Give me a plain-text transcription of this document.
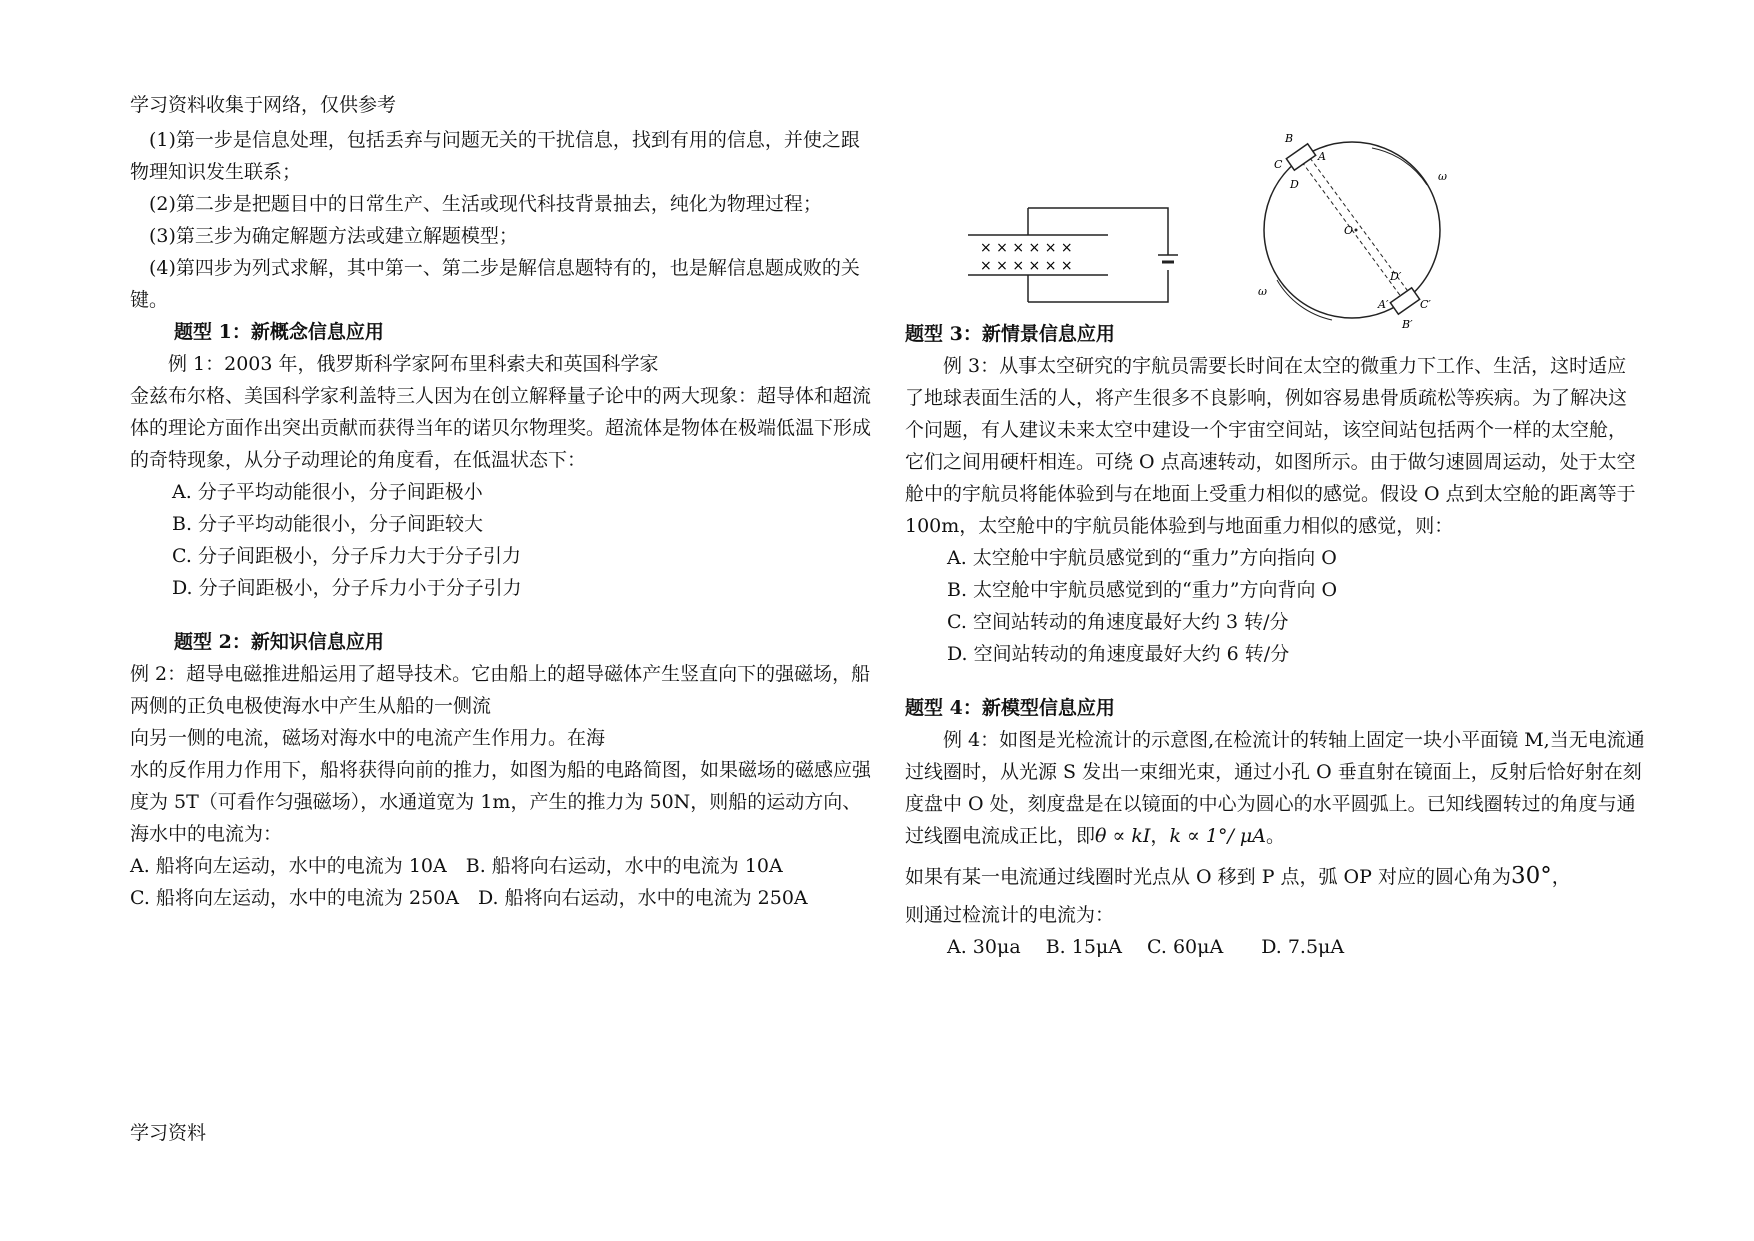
学习资料收集于网络，仅供参考

(1)第一步是信息处理，包括丢弃与问题无关的干扰信息，找到有用的信息，并使之跟物理知识发生联系；

(2)第二步是把题目中的日常生产、生活或现代科技背景抽去，纯化为物理过程；

(3)第三步为确定解题方法或建立解题模型；

(4)第四步为列式求解，其中第一、第二步是解信息题特有的，也是解信息题成败的关键。

题型 1：新概念信息应用

例 1：2003 年，俄罗斯科学家阿布里科索夫和英国科学家

金兹布尔格、美国科学家利盖特三人因为在创立解释量子论中的两大现象：超导体和超流体的理论方面作出突出贡献而获得当年的诺贝尔物理奖。超流体是物体在极端低温下形成的奇特现象，从分子动理论的角度看，在低温状态下：

A. 分子平均动能很小，分子间距极小

B. 分子平均动能很小，分子间距较大

C. 分子间距极小，分子斥力大于分子引力

D. 分子间距极小，分子斥力小于分子引力

题型 2：新知识信息应用

例 2：超导电磁推进船运用了超导技术。它由船上的超导磁体产生竖直向下的强磁场，船两侧的正负电极使海水中产生从船的一侧流

向另一侧的电流，磁场对海水中的电流产生作用力。在海

水的反作用力作用下，船将获得向前的推力，如图为船的电路简图，如果磁场的磁感应强度为 5T（可看作匀强磁场），水通道宽为 1m，产生的推力为 50N，则船的运动方向、海水中的电流为：

A. 船将向左运动，水中的电流为 10A　B. 船将向右运动，水中的电流为 10A

C. 船将向左运动，水中的电流为 250A　D. 船将向右运动，水中的电流为 250A

× × × × × ×
× × × × × ×
B
A
C
D
O
D′
A′	C′
B′
ω
ω

题型 3：新情景信息应用

例 3：从事太空研究的宇航员需要长时间在太空的微重力下工作、生活，这时适应了地球表面生活的人，将产生很多不良影响，例如容易患骨质疏松等疾病。为了解决这个问题，有人建议未来太空中建设一个宇宙空间站，该空间站包括两个一样的太空舱，它们之间用硬杆相连。可绕 O 点高速转动，如图所示。由于做匀速圆周运动，处于太空舱中的宇航员将能体验到与在地面上受重力相似的感觉。假设 O 点到太空舱的距离等于 100m，太空舱中的宇航员能体验到与地面重力相似的感觉，则：

A. 太空舱中宇航员感觉到的“重力”方向指向 O

B. 太空舱中宇航员感觉到的“重力”方向背向 O

C. 空间站转动的角速度最好大约 3 转/分

D. 空间站转动的角速度最好大约 6 转/分

题型 4：新模型信息应用

例 4：如图是光检流计的示意图,在检流计的转轴上固定一块小平面镜 M,当无电流通过线圈时，从光源 S 发出一束细光束，通过小孔 O 垂直射在镜面上，反射后恰好射在刻度盘中 O 处，刻度盘是在以镜面的中心为圆心的水平圆弧上。已知线圈转过的角度与通过线圈电流成正比，即θ ∝ kI，k ∝ 1°/ μA。

如果有某一电流通过线圈时光点从 O 移到 P 点，弧 OP 对应的圆心角为30°，

则通过检流计的电流为：

A. 30μa　 B. 15μA　 C. 60μA　　D. 7.5μA

学习资料
